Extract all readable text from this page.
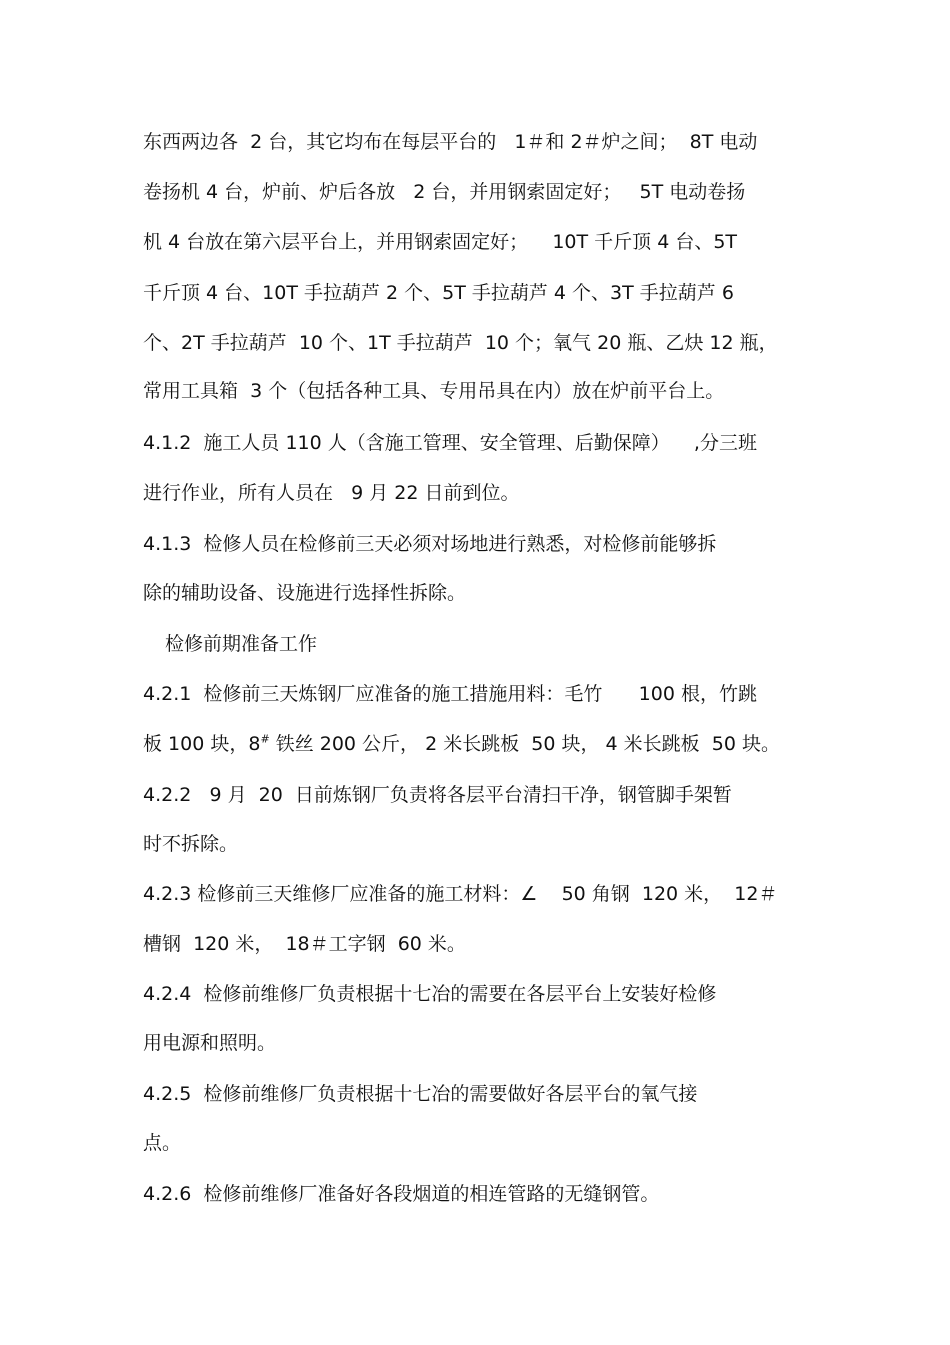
东西两边各  2 台，其它均布在每层平台的   1＃和 2＃炉之间；  8T 电动
卷扬机 4 台，炉前、炉后各放   2 台，并用钢索固定好；   5T 电动卷扬
机 4 台放在第六层平台上，并用钢索固定好；    10T 千斤顶 4 台、5T
千斤顶 4 台、10T 手拉葫芦 2 个、5T 手拉葫芦 4 个、3T 手拉葫芦 6
个、2T 手拉葫芦  10 个、1T 手拉葫芦  10 个；氧气 20 瓶、乙炔 12 瓶，
常用工具箱  3 个（包括各种工具、专用吊具在内）放在炉前平台上。
4.1.2  施工人员 110 人（含施工管理、安全管理、后勤保障）    ,分三班
进行作业，所有人员在   9 月 22 日前到位。
4.1.3  检修人员在检修前三天必须对场地进行熟悉，对检修前能够拆
除的辅助设备、设施进行选择性拆除。
检修前期准备工作
4.2.1  检修前三天炼钢厂应准备的施工措施用料：毛竹      100 根，竹跳
板 100 块，8# 铁丝 200 公斤， 2 米长跳板  50 块， 4 米长跳板  50 块。
4.2.2   9 月  20  日前炼钢厂负责将各层平台清扫干净，钢管脚手架暂
时不拆除。
4.2.3 检修前三天维修厂应准备的施工材料：∠    50 角钢  120 米，  12＃
槽钢  120 米，  18＃工字钢  60 米。
4.2.4  检修前维修厂负责根据十七冶的需要在各层平台上安装好检修
用电源和照明。
4.2.5  检修前维修厂负责根据十七冶的需要做好各层平台的氧气接
点。
4.2.6  检修前维修厂准备好各段烟道的相连管路的无缝钢管。
